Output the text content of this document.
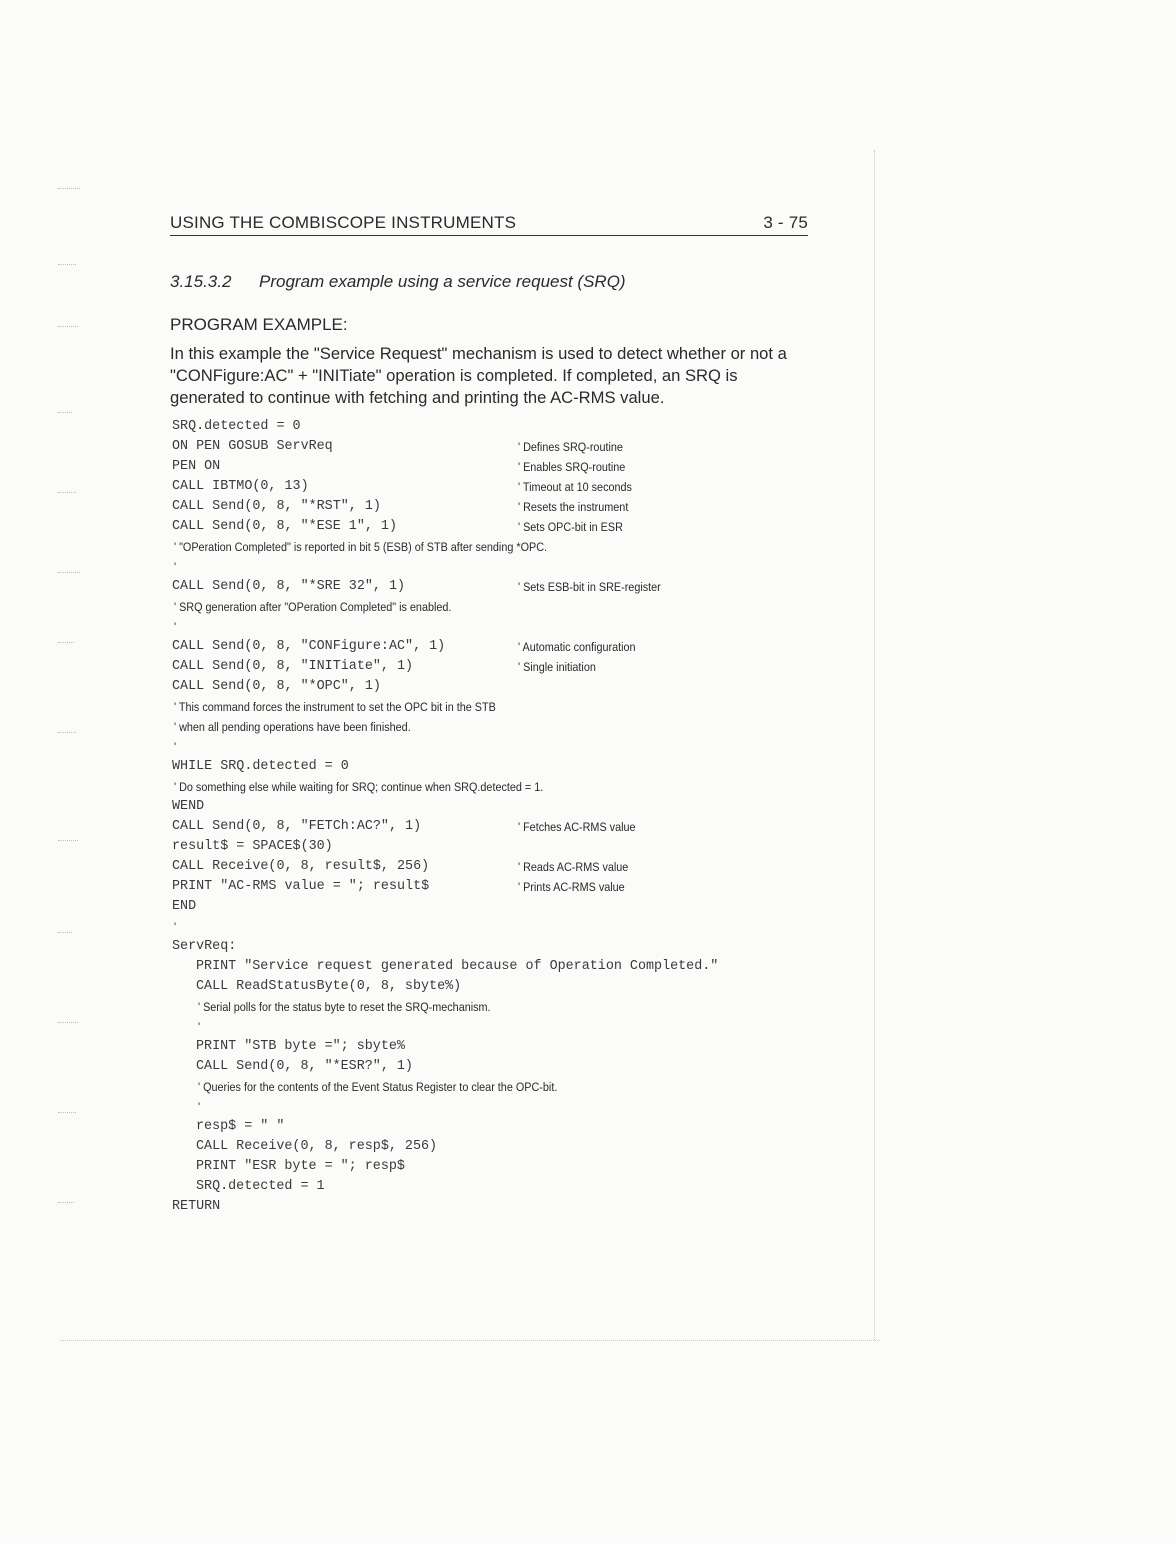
USING THE COMBISCOPE INSTRUMENTS	3 - 75
3.15.3.2 Program example using a service request (SRQ)
PROGRAM EXAMPLE:
In this example the "Service Request" mechanism is used to detect whether or not a "CONFigure:AC" + "INITiate" operation is completed. If completed, an SRQ is generated to continue with fetching and printing the AC-RMS value.
SRQ.detected = 0
ON PEN GOSUB ServReq	' Defines SRQ-routine
PEN ON	' Enables SRQ-routine
CALL IBTMO(0, 13)	' Timeout at 10 seconds
CALL Send(0, 8, "*RST", 1)	' Resets the instrument
CALL Send(0, 8, "*ESE 1", 1)	' Sets OPC-bit in ESR
' "OPeration Completed" is reported in bit 5 (ESB) of STB after sending *OPC.
'
CALL Send(0, 8, "*SRE 32", 1)	' Sets ESB-bit in SRE-register
' SRQ generation after "OPeration Completed" is enabled.
'
CALL Send(0, 8, "CONFigure:AC", 1)	' Automatic configuration
CALL Send(0, 8, "INITiate", 1)	' Single initiation
CALL Send(0, 8, "*OPC", 1)
' This command forces the instrument to set the OPC bit in the STB
' when all pending operations have been finished.
'
WHILE SRQ.detected = 0
' Do something else while waiting for SRQ; continue when SRQ.detected = 1.
WEND
CALL Send(0, 8, "FETCh:AC?", 1)	' Fetches AC-RMS value
result$ = SPACE$(30)
CALL Receive(0, 8, result$, 256)	' Reads AC-RMS value
PRINT "AC-RMS value = "; result$	' Prints AC-RMS value
END
'
ServReq:
PRINT "Service request generated because of Operation Completed."
CALL ReadStatusByte(0, 8, sbyte%)
' Serial polls for the status byte to reset the SRQ-mechanism.
'
PRINT "STB byte ="; sbyte%
CALL Send(0, 8, "*ESR?", 1)
' Queries for the contents of the Event Status Register to clear the OPC-bit.
'
resp$ = " "
CALL Receive(0, 8, resp$, 256)
PRINT "ESR byte = "; resp$
SRQ.detected = 1
RETURN
